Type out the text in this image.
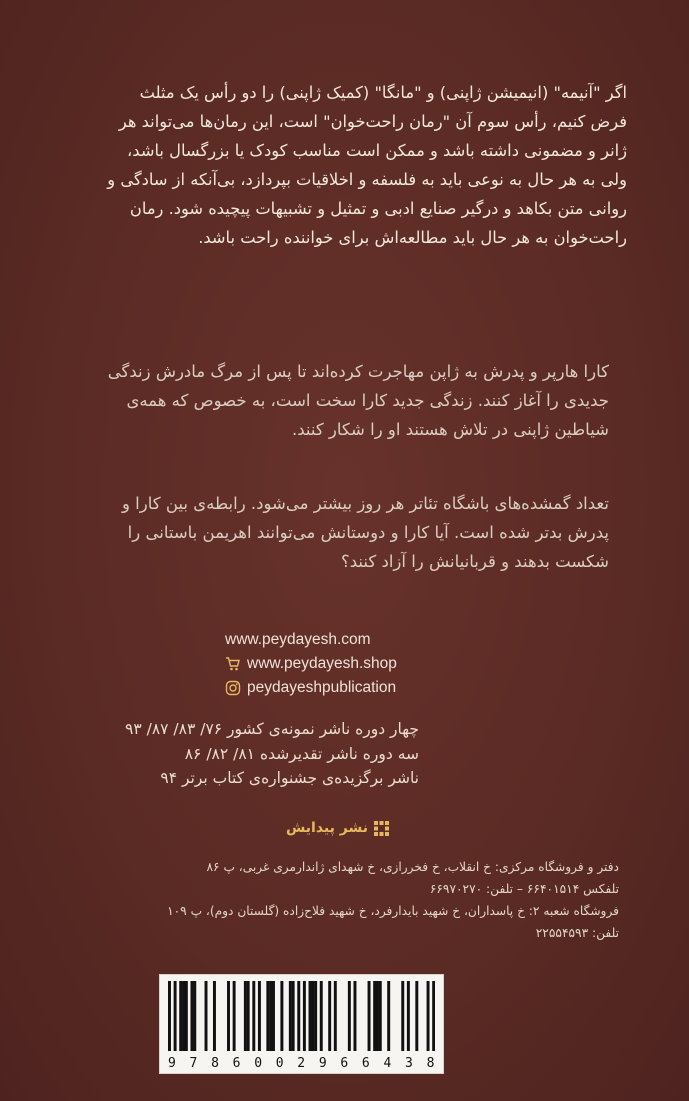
اگر "آنیمه" (انیمیشن ژاپنی) و "مانگا" (کمیک ژاپنی) را دو رأس یک مثلث
فرض کنیم، رأس سوم آن "رمان راحت‌خوان" است، این رمان‌ها می‌تواند هر
ژانر و مضمونی داشته باشد و ممکن است مناسب کودک یا بزرگسال باشد،
ولی به هر حال به نوعی باید به فلسفه و اخلاقیات بپردازد، بی‌آنکه از سادگی و
روانی متن بکاهد و درگیر صنایع ادبی و تمثیل و تشبیهات پیچیده شود. رمان
راحت‌خوان به هر حال باید مطالعه‌اش برای خواننده راحت باشد.
کارا هارپر و پدرش به ژاپن مهاجرت کرده‌اند تا پس از مرگ مادرش زندگی
جدیدی را آغاز کنند. زندگی جدید کارا سخت است، به خصوص که همه‌ی
شیاطین ژاپنی در تلاش هستند او را شکار کنند.
تعداد گمشده‌های باشگاه تئاتر هر روز بیشتر می‌شود. رابطه‌ی بین کارا و
پدرش بدتر شده است. آیا کارا و دوستانش می‌توانند اهریمن باستانی را
شکست بدهند و قربانیانش را آزاد کنند؟
www.peydayesh.com
www.peydayesh.shop
peydayeshpublication
چهار دوره ناشر نمونه‌ی کشور ۷۶/ ۸۳/ ۸۷/ ۹۳
سه دوره ناشر تقدیرشده ۸۱/ ۸۲/ ۸۶
ناشر برگزیده‌ی جشنواره‌ی کتاب برتر ۹۴
نشر پیدایش
دفتر و فروشگاه مرکزی: خ انقلاب، خ فخررازی، خ شهدای ژاندارمری غربی، پ ۸۶
تلفکس ۶۶۴۰۱۵۱۴ – تلفن: ۶۶۹۷۰۲۷۰
فروشگاه شعبه ۲: خ پاسداران، خ شهید بایدارفرد، خ شهید فلاح‌زاده (گلستان دوم)، پ ۱۰۹
تلفن: ۲۲۵۵۴۵۹۳
9 7 8 6 0 0 2 9 6 6 4 3 8
